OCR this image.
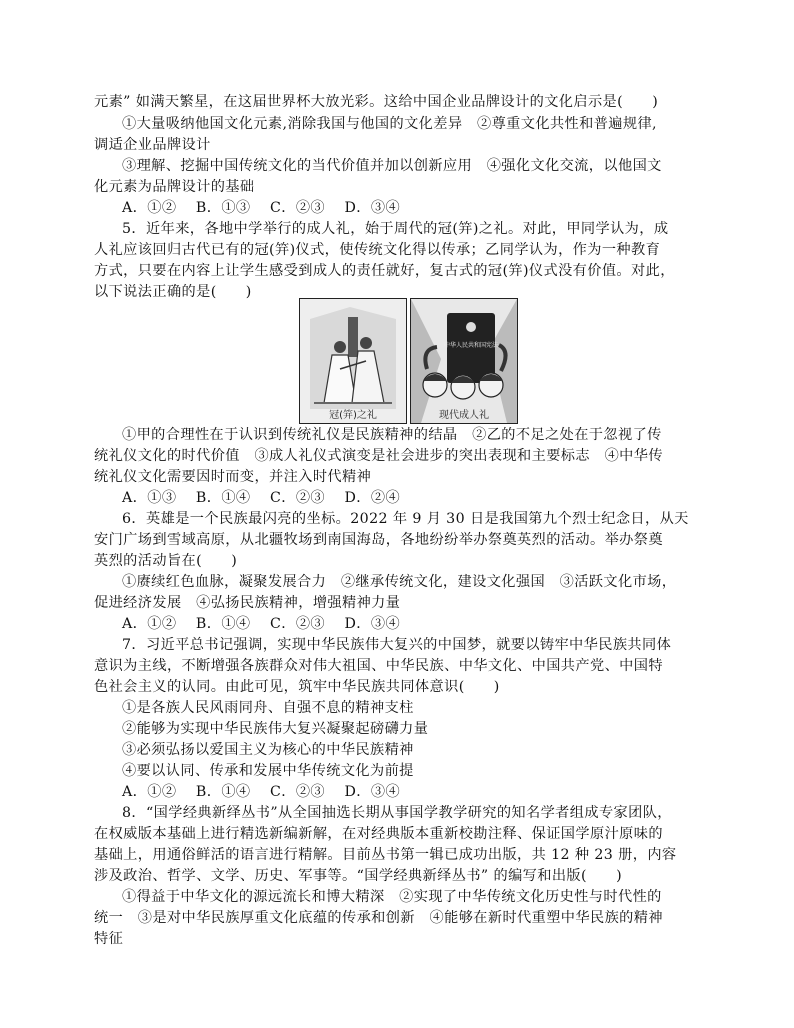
元素” 如满天繁星，在这届世界杯大放光彩。这给中国企业品牌设计的文化启示是(　　)
①大量吸纳他国文化元素,消除我国与他国的文化差异　②尊重文化共性和普遍规律,
调适企业品牌设计
③理解、挖掘中国传统文化的当代价值并加以创新应用　④强化文化交流，以他国文
化元素为品牌设计的基础
A．①②　 B．①③　 C．②③　 D．③④
5．近年来，各地中学举行的成人礼，始于周代的冠(笄)之礼。对此，甲同学认为，成
人礼应该回归古代已有的冠(笄)仪式，使传统文化得以传承；乙同学认为，作为一种教育
方式，只要在内容上让学生感受到成人的责任就好，复古式的冠(笄)仪式没有价值。对此，
以下说法正确的是(　　)
冠(笄)之礼
中华人民共和国宪法
现代成人礼
①甲的合理性在于认识到传统礼仪是民族精神的结晶　②乙的不足之处在于忽视了传
统礼仪文化的时代价值　③成人礼仪式演变是社会进步的突出表现和主要标志　④中华传
统礼仪文化需要因时而变，并注入时代精神
A．①③　 B．①④　 C．②③　 D．②④
6．英雄是一个民族最闪亮的坐标。2022 年 9 月 30 日是我国第九个烈士纪念日，从天
安门广场到雪域高原，从北疆牧场到南国海岛，各地纷纷举办祭奠英烈的活动。举办祭奠
英烈的活动旨在(　　)
①赓续红色血脉，凝聚发展合力　②继承传统文化，建设文化强国　③活跃文化市场，
促进经济发展　④弘扬民族精神，增强精神力量
A．①②　 B．①④　 C．②③　 D．③④
7．习近平总书记强调，实现中华民族伟大复兴的中国梦，就要以铸牢中华民族共同体
意识为主线，不断增强各族群众对伟大祖国、中华民族、中华文化、中国共产党、中国特
色社会主义的认同。由此可见，筑牢中华民族共同体意识(　　)
①是各族人民风雨同舟、自强不息的精神支柱
②能够为实现中华民族伟大复兴凝聚起磅礴力量
③必须弘扬以爱国主义为核心的中华民族精神
④要以认同、传承和发展中华传统文化为前提
A．①②　 B．①④　 C．②③　 D．③④
8．“国学经典新绎丛书”从全国抽选长期从事国学教学研究的知名学者组成专家团队，
在权威版本基础上进行精选新编新解，在对经典版本重新校勘注释、保证国学原汁原味的
基础上，用通俗鲜活的语言进行精解。目前丛书第一辑已成功出版，共 12 种 23 册，内容
涉及政治、哲学、文学、历史、军事等。“国学经典新绎丛书” 的编写和出版(　　)
①得益于中华文化的源远流长和博大精深　②实现了中华传统文化历史性与时代性的
统一　③是对中华民族厚重文化底蕴的传承和创新　④能够在新时代重塑中华民族的精神
特征
